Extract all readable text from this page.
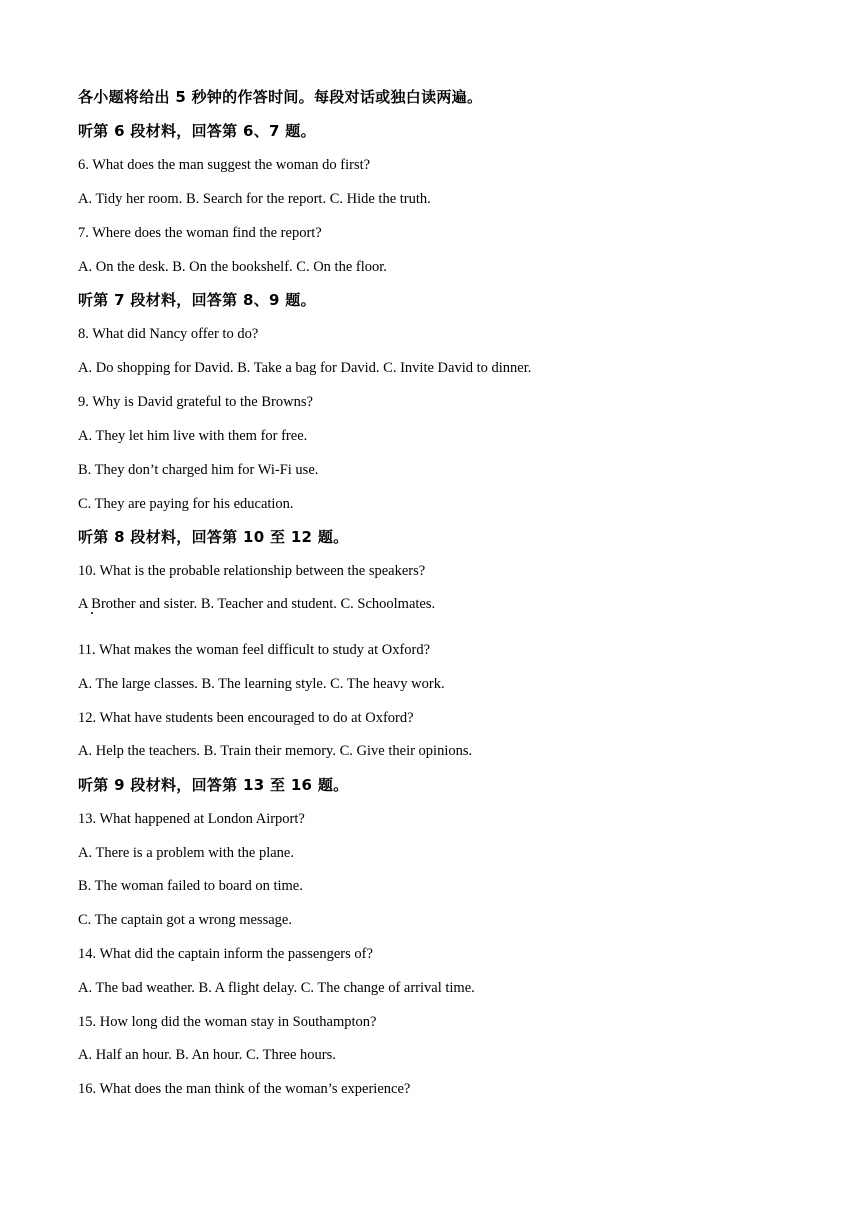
各小题将给出 5 秒钟的作答时间。每段对话或独白读两遍。
听第 6 段材料，回答第 6、7 题。
6. What does the man suggest the woman do first?
A. Tidy her room. B. Search for the report. C. Hide the truth.
7. Where does the woman find the report?
A. On the desk. B. On the bookshelf. C. On the floor.
听第 7 段材料，回答第 8、9 题。
8. What did Nancy offer to do?
A. Do shopping for David. B. Take a bag for David. C. Invite David to dinner.
9. Why is David grateful to the Browns?
A. They let him live with them for free.
B. They don’t charged him for Wi-Fi use.
C. They are paying for his education.
听第 8 段材料，回答第 10 至 12 题。
10. What is the probable relationship between the speakers?
A Brother and sister. B. Teacher and student. C. Schoolmates.
11. What makes the woman feel difficult to study at Oxford?
A. The large classes. B. The learning style. C. The heavy work.
12. What have students been encouraged to do at Oxford?
A. Help the teachers. B. Train their memory. C. Give their opinions.
听第 9 段材料，回答第 13 至 16 题。
13. What happened at London Airport?
A. There is a problem with the plane.
B. The woman failed to board on time.
C. The captain got a wrong message.
14. What did the captain inform the passengers of?
A. The bad weather. B. A flight delay. C. The change of arrival time.
15. How long did the woman stay in Southampton?
A. Half an hour. B. An hour. C. Three hours.
16. What does the man think of the woman’s experience?
